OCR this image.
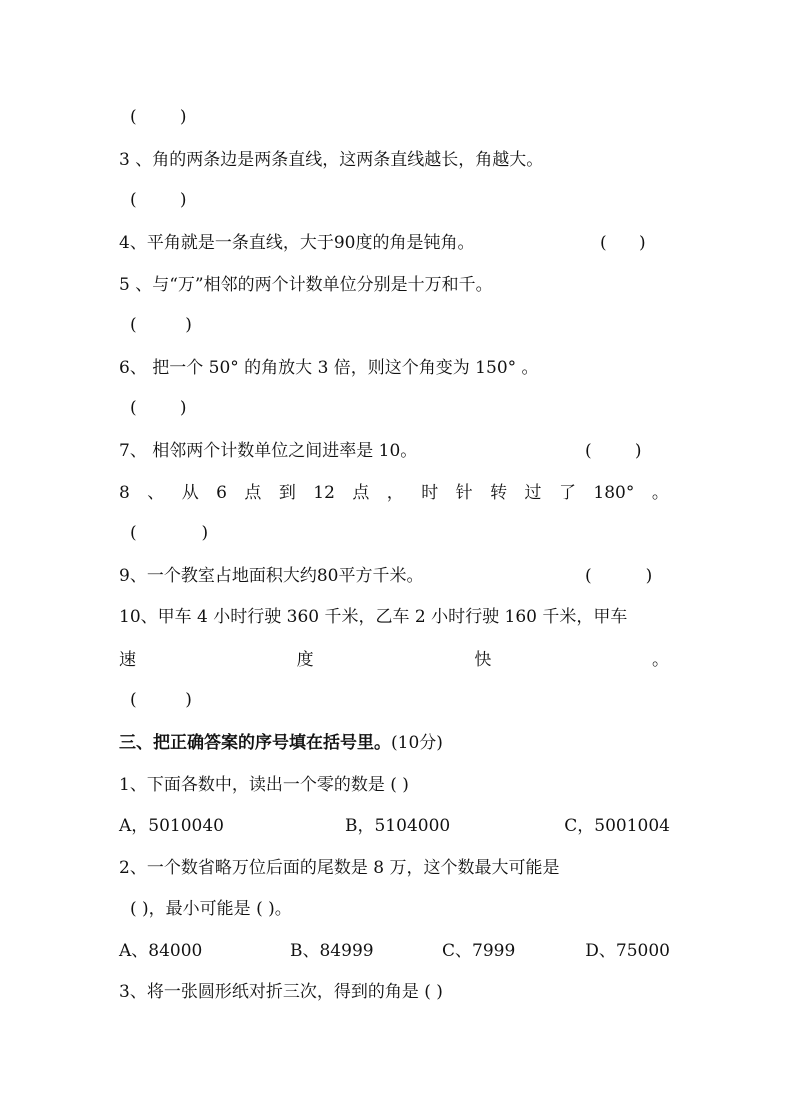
(        )
3 、角的两条边是两条直线，这两条直线越长，角越大。
(        )
4、平角就是一条直线，大于90度的角是钝角。	(      )
5 、与“万”相邻的两个计数单位分别是十万和千。
(         )
6、 把一个 50° 的角放大 3 倍，则这个角变为 150° 。
(        )
7、 相邻两个计数单位之间进率是 10。	(        )
8 、 从 6 点 到 12 点 ， 时 针 转 过 了 180° 。
(            )
9、一个教室占地面积大约80平方千米。	(          )
10、甲车 4 小时行驶 360 千米，乙车 2 小时行驶 160 千米，甲车
速	度	快	。
(         )
三、把正确答案的序号填在括号里。(10分)
1、下面各数中，读出一个零的数是 ( )
A，5010040	B，5104000	C，5001004
2、一个数省略万位后面的尾数是 8 万，这个数最大可能是
( )，最小可能是 ( )。
A、84000	B、84999	C、7999	D、75000
3、将一张圆形纸对折三次，得到的角是 ( )
